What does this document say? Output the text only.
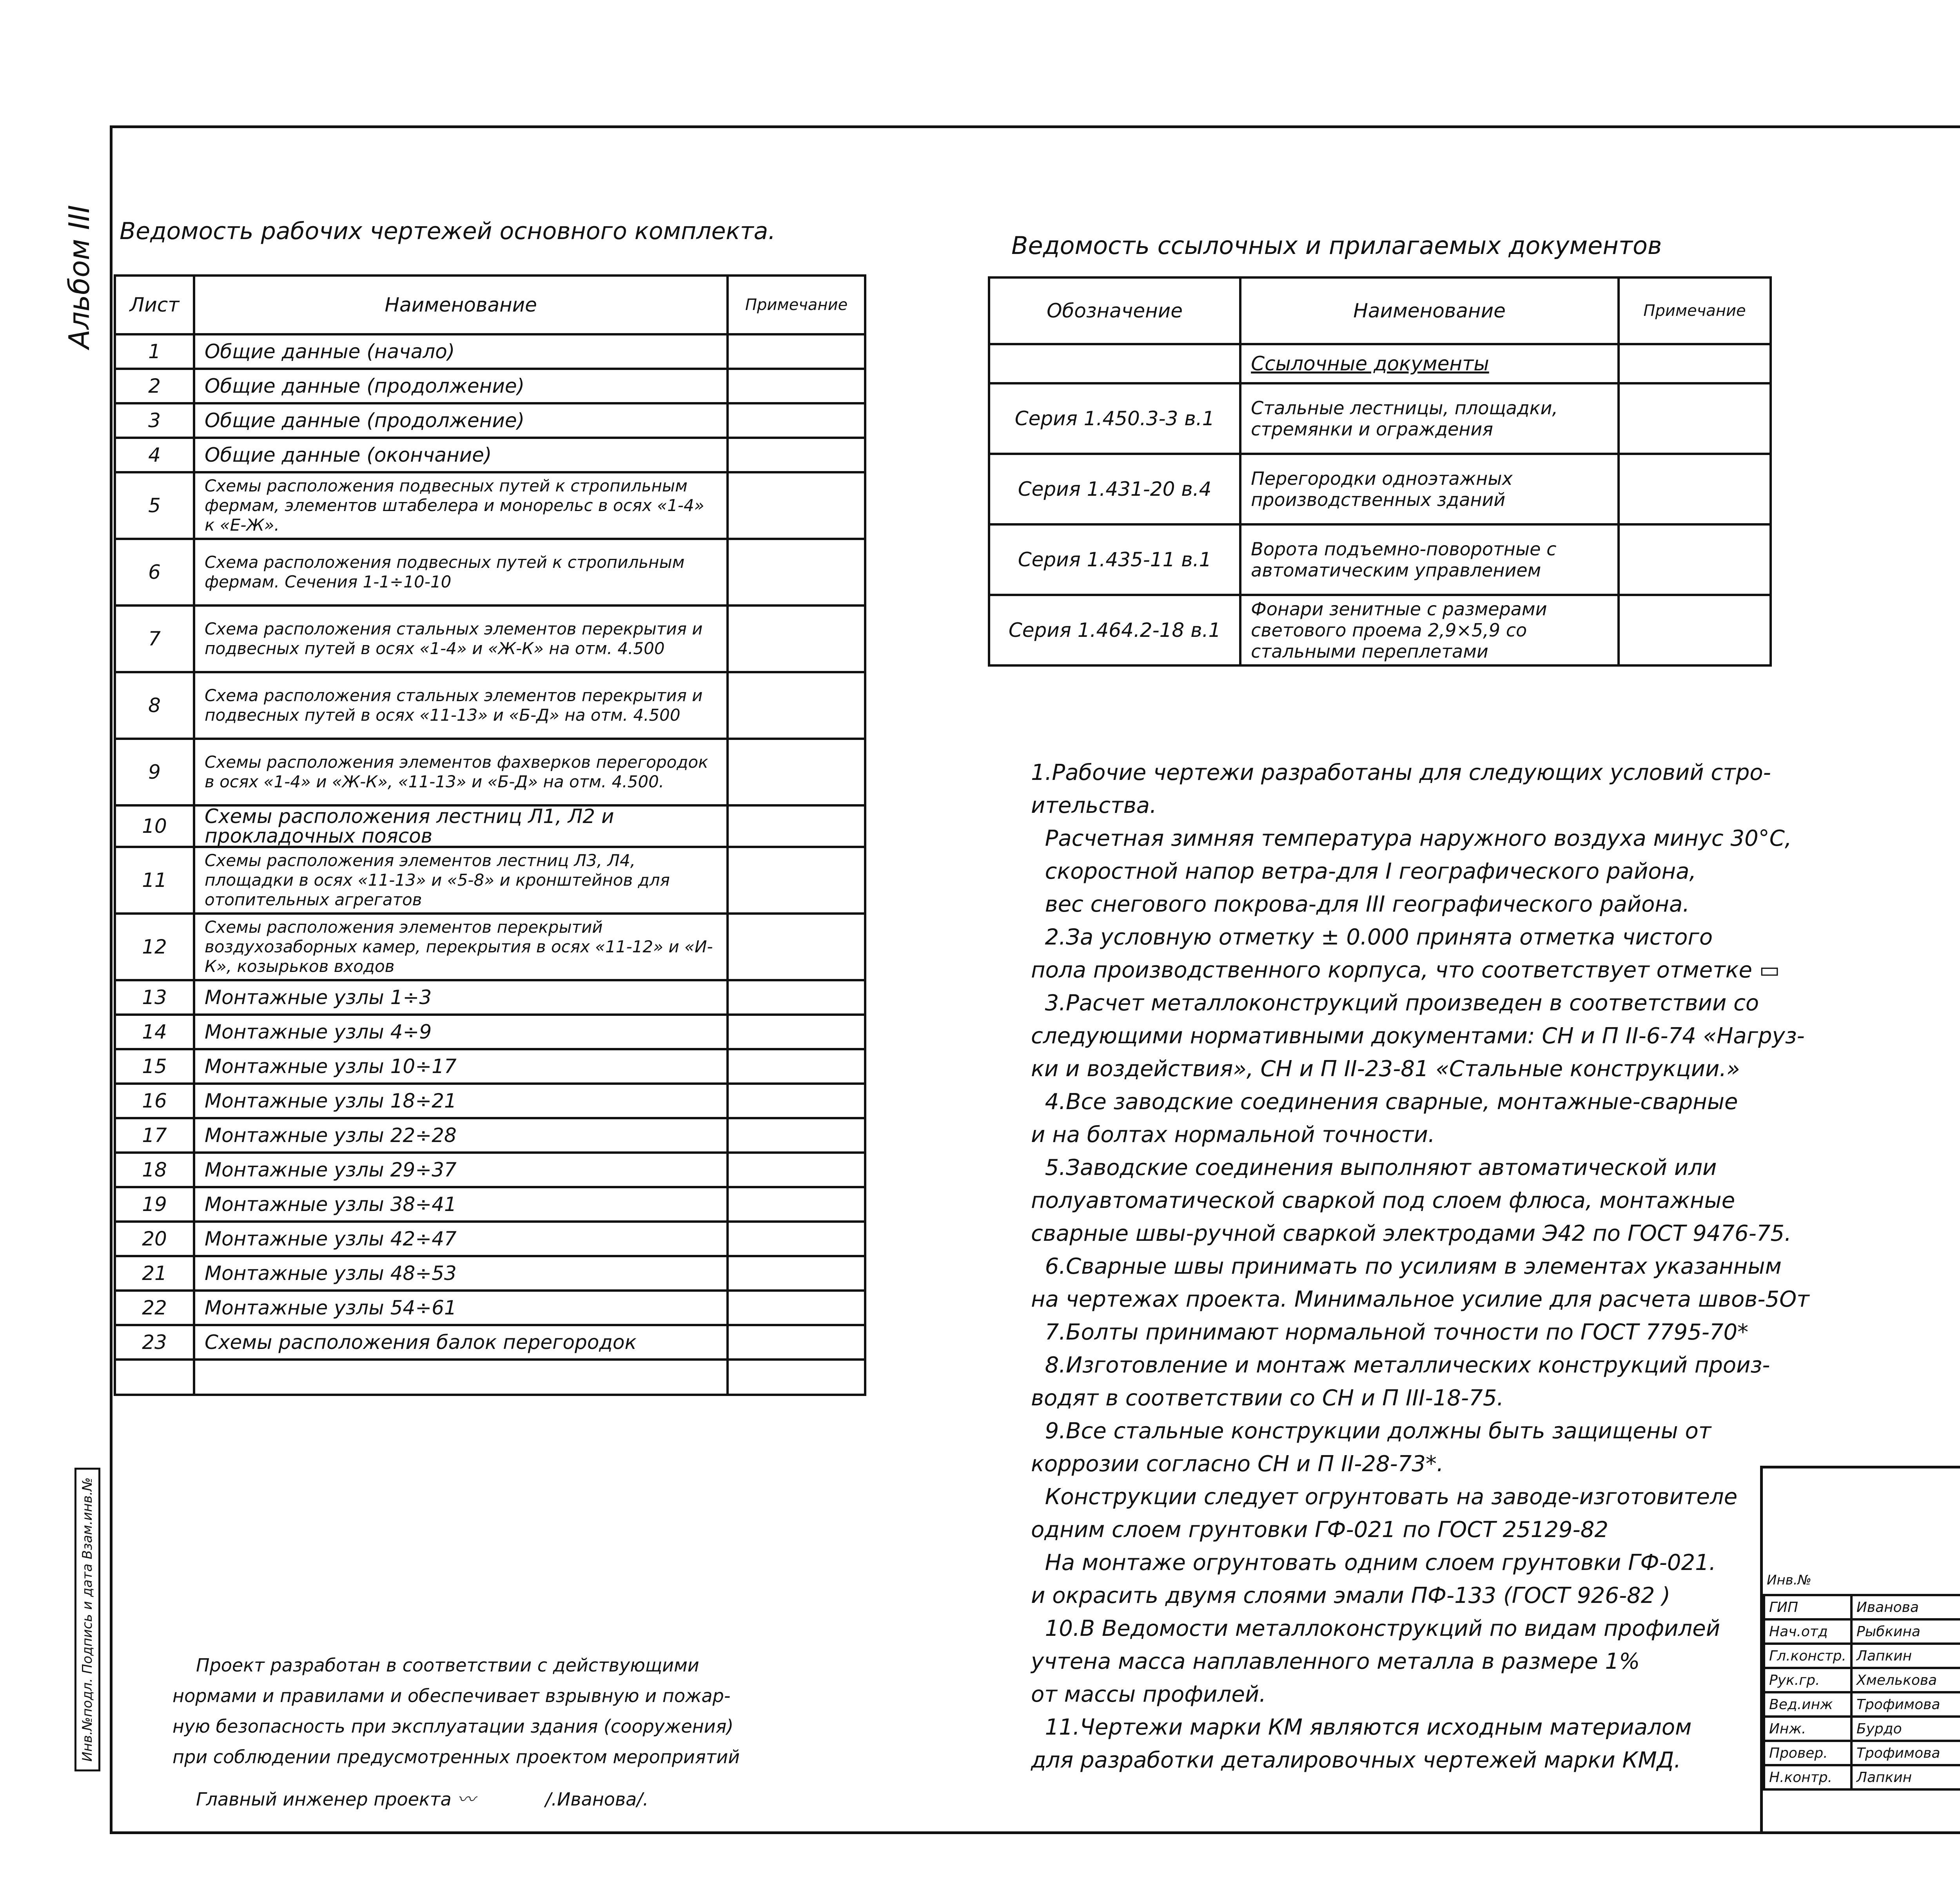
Альбом III
Инв.№подл. Подпись и дата Взам.инв.№
Ведомость рабочих чертежей основного комплекта.
Лист	Наименование	Примечание
1	Общие данные (начало)	
2	Общие данные (продолжение)	
3	Общие данные (продолжение)	
4	Общие данные (окончание)	
5	Схемы расположения подвесных путей к стропильным фермам, элементов штабелера и монорельс в осях «1-4» к «Е-Ж».	
6	Схема расположения подвесных путей к стропильным фермам. Сечения 1-1÷10-10	
7	Схема расположения стальных элементов перекрытия и подвесных путей в осях «1-4» и «Ж-К» на отм. 4.500	
8	Схема расположения стальных элементов перекрытия и подвесных путей в осях «11-13» и «Б-Д» на отм. 4.500	
9	Схемы расположения элементов фахверков перегородок в осях «1-4» и «Ж-К», «11-13» и «Б-Д» на отм. 4.500.	
10	Схемы расположения лестниц Л1, Л2 и прокладочных поясов	
11	Схемы расположения элементов лестниц Л3, Л4, площадки в осях «11-13» и «5-8» и кронштейнов для отопительных агрегатов	
12	Схемы расположения элементов перекрытий воздухозаборных камер, перекрытия в осях «11-12» и «И-К», козырьков входов	
13	Монтажные узлы 1÷3	
14	Монтажные узлы 4÷9	
15	Монтажные узлы 10÷17	
16	Монтажные узлы 18÷21	
17	Монтажные узлы 22÷28	
18	Монтажные узлы 29÷37	
19	Монтажные узлы 38÷41	
20	Монтажные узлы 42÷47	
21	Монтажные узлы 48÷53	
22	Монтажные узлы 54÷61	
23	Схемы расположения балок перегородок	

Ведомость ссылочных и прилагаемых документов
Обозначение	Наименование	Примечание
	Ссылочные документы	
Серия 1.450.3-3 в.1	Стальные лестницы, площадки, стремянки и ограждения	
Серия 1.431-20 в.4	Перегородки одноэтажных производственных зданий	
Серия 1.435-11 в.1	Ворота подъемно-поворотные с автоматическим управлением	
Серия 1.464.2-18 в.1	Фонари зенитные с размерами светового проема 2,9×5,9 со стальными переплетами	
1.Рабочие чертежи разработаны для следующих условий стро-
ительства.
Расчетная зимняя температура наружного воздуха минус 30°C,
скоростной напор ветра-для I географического района,
вес снегового покрова-для III географического района.
2.За условную отметку ± 0.000 принята отметка чистого
пола производственного корпуса, что соответствует отметке ▭
3.Расчет металлоконструкций произведен в соответствии со
следующими нормативными документами: СН и П II-6-74 «Нагруз-
ки и воздействия», СН и П II-23-81 «Стальные конструкции.»
4.Все заводские соединения сварные, монтажные-сварные
и на болтах нормальной точности.
5.Заводские соединения выполняют автоматической или
полуавтоматической сваркой под слоем флюса, монтажные
сварные швы-ручной сваркой электродами Э42 по ГОСТ 9476-75.
6.Сварные швы принимать по усилиям в элементах указанным
на чертежах проекта. Минимальное усилие для расчета швов-5От
7.Болты принимают нормальной точности по ГОСТ 7795-70*
8.Изготовление и монтаж металлических конструкций произ-
водят в соответствии со СН и П III-18-75.
9.Все стальные конструкции должны быть защищены от
коррозии согласно СН и П II-28-73*.
Конструкции следует огрунтовать на заводе-изготовителе
одним слоем грунтовки ГФ-021 по ГОСТ 25129-82
На монтаже огрунтовать одним слоем грунтовки ГФ-021.
и окрасить двумя слоями эмали ПФ-133 (ГОСТ 926-82 )
10.В Ведомости металлоконструкций по видам профилей
учтена масса наплавленного металла в размере 1%
от массы профилей.
11.Чертежи марки КМ являются исходным материалом
для разработки деталировочных чертежей марки КМД.
Проект разработан в соответствии с действующими
нормами и правилами и обеспечивает взрывную и пожар-
ную безопасность при эксплуатации здания (сооружения)
при соблюдении предусмотренных проектом мероприятий
Главный инженер проекта 〰	/.Иванова/.
Инв.№
ГИП	Иванова	
Нач.отд	Рыбкина	
Гл.констр.	Лапкин	
Рук.гр.	Хмелькова	
Вед.инж	Трофимова	
Инж.	Бурдо	
Провер.	Трофимова	
Н.контр.	Лапкин	
